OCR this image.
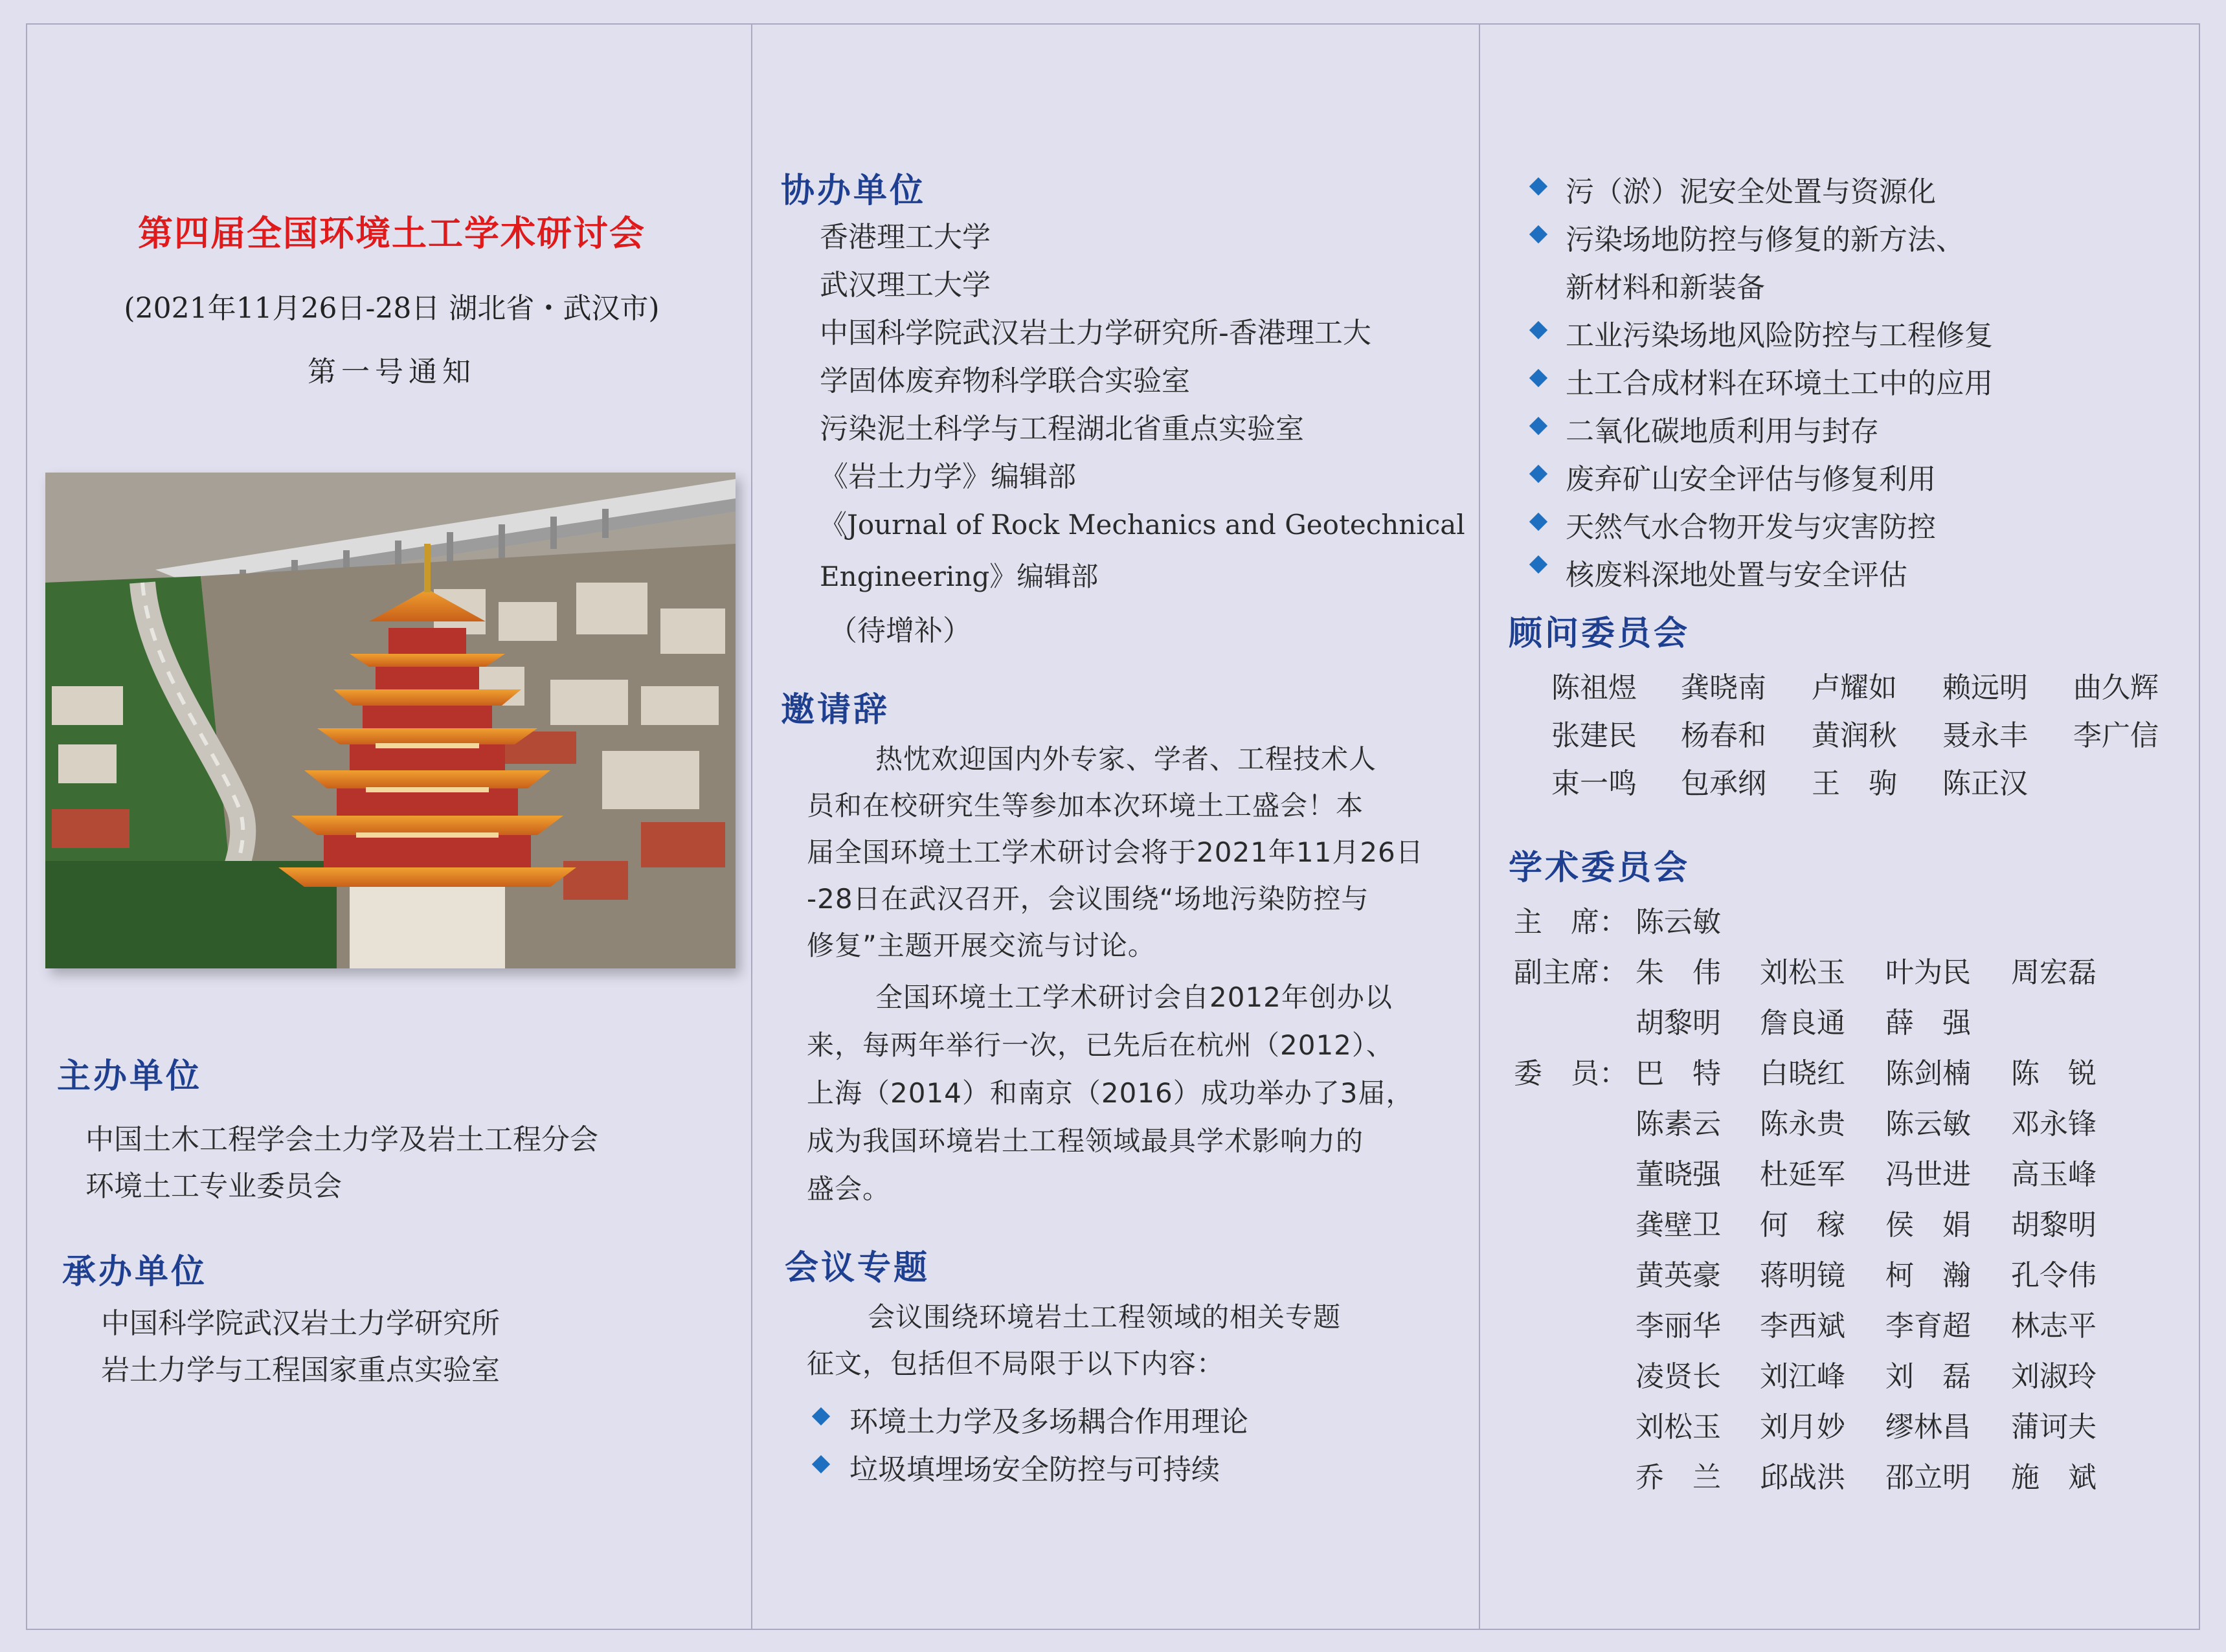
第四届全国环境土工学术研讨会
(2021年11月26日-28日 湖北省・武汉市)
第一号通知
主办单位
中国土木工程学会土力学及岩土工程分会
环境土工专业委员会
承办单位
中国科学院武汉岩土力学研究所
岩土力学与工程国家重点实验室
协办单位
香港理工大学
武汉理工大学
中国科学院武汉岩土力学研究所-香港理工大
学固体废弃物科学联合实验室
污染泥土科学与工程湖北省重点实验室
《岩土力学》编辑部
《Journal of Rock Mechanics and Geotechnical
Engineering》编辑部
（待增补）
邀请辞
热忱欢迎国内外专家、学者、工程技术人
员和在校研究生等参加本次环境土工盛会！本
届全国环境土工学术研讨会将于2021年11月26日
-28日在武汉召开，会议围绕“场地污染防控与
修复”主题开展交流与讨论。
全国环境土工学术研讨会自2012年创办以
来，每两年举行一次，已先后在杭州（2012）、
上海（2014）和南京（2016）成功举办了3届，
成为我国环境岩土工程领域最具学术影响力的
盛会。
会议专题
会议围绕环境岩土工程领域的相关专题
征文，包括但不局限于以下内容：
环境土力学及多场耦合作用理论
垃圾填埋场安全防控与可持续
污（淤）泥安全处置与资源化
污染场地防控与修复的新方法、
新材料和新装备
工业污染场地风险防控与工程修复
土工合成材料在环境土工中的应用
二氧化碳地质利用与封存
废弃矿山安全评估与修复利用
天然气水合物开发与灾害防控
核废料深地处置与安全评估
顾问委员会
陈祖煜 龚晓南 卢耀如 赖远明 曲久辉
张建民 杨春和 黄润秋 聂永丰 李广信
束一鸣 包承纲 王　驹 陈正汉
学术委员会
主　席： 陈云敏
副主席： 朱　伟 刘松玉 叶为民 周宏磊
胡黎明 詹良通 薛　强
委　员： 巴　特 白晓红 陈剑楠 陈　锐
陈素云 陈永贵 陈云敏 邓永锋
董晓强 杜延军 冯世进 高玉峰
龚壁卫 何　稼 侯　娟 胡黎明
黄英豪 蒋明镜 柯　瀚 孔令伟
李丽华 李西斌 李育超 林志平
凌贤长 刘江峰 刘　磊 刘淑玲
刘松玉 刘月妙 缪林昌 蒲诃夫
乔　兰 邱战洪 邵立明 施　斌
